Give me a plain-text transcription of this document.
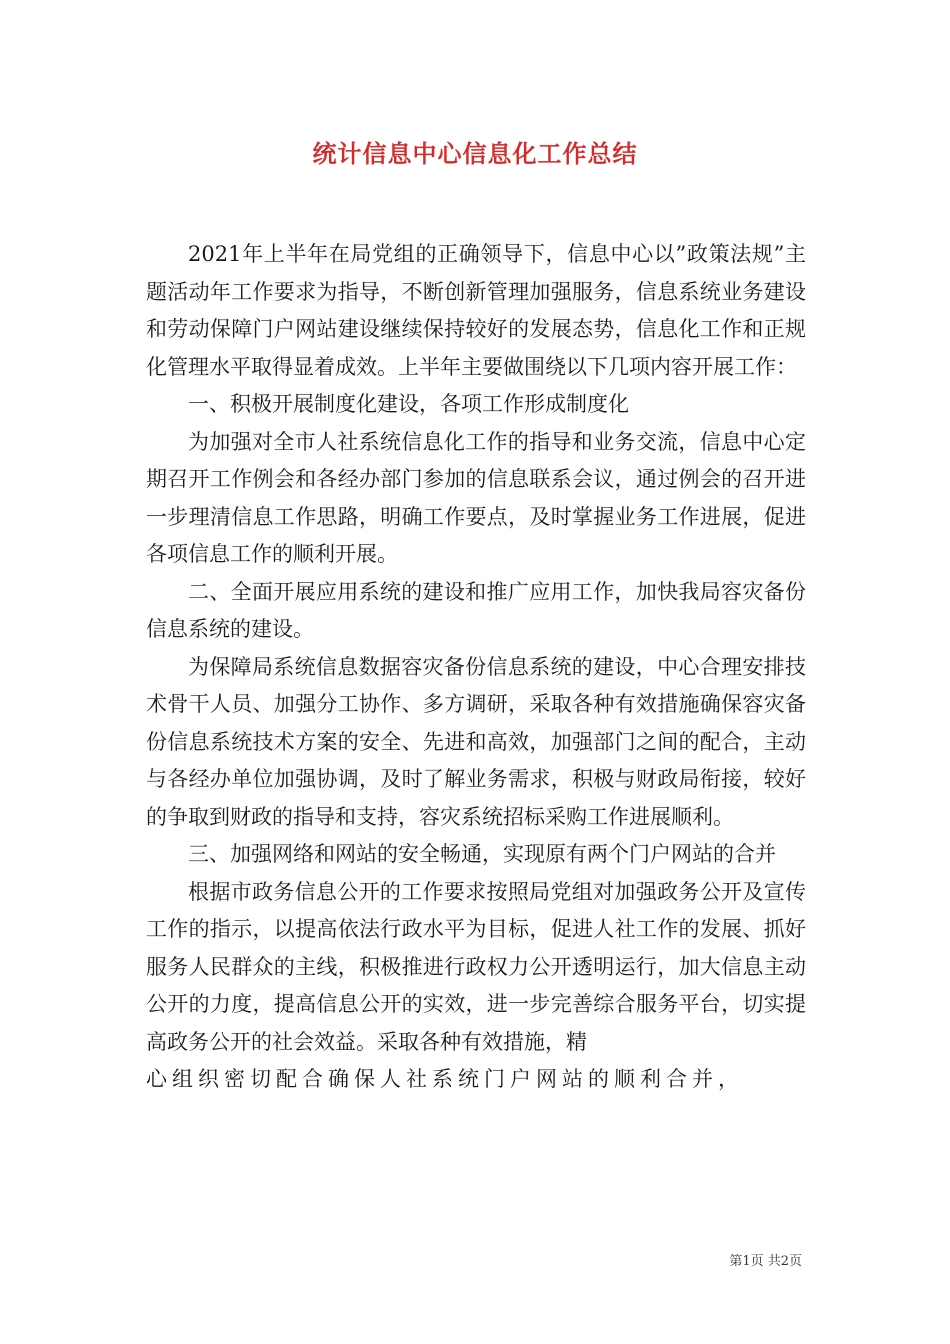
统计信息中心信息化工作总结

2021年上半年在局党组的正确领导下，信息中心以”政策法规”主题活动年工作要求为指导，不断创新管理加强服务，信息系统业务建设和劳动保障门户网站建设继续保持较好的发展态势，信息化工作和正规化管理水平取得显着成效。上半年主要做围绕以下几项内容开展工作：

一、积极开展制度化建设，各项工作形成制度化

为加强对全市人社系统信息化工作的指导和业务交流，信息中心定期召开工作例会和各经办部门参加的信息联系会议，通过例会的召开进一步理清信息工作思路，明确工作要点，及时掌握业务工作进展，促进各项信息工作的顺利开展。

二、全面开展应用系统的建设和推广应用工作，加快我局容灾备份信息系统的建设。

为保障局系统信息数据容灾备份信息系统的建设，中心合理安排技术骨干人员、加强分工协作、多方调研，采取各种有效措施确保容灾备份信息系统技术方案的安全、先进和高效，加强部门之间的配合，主动与各经办单位加强协调，及时了解业务需求，积极与财政局衔接，较好的争取到财政的指导和支持，容灾系统招标采购工作进展顺利。

三、加强网络和网站的安全畅通，实现原有两个门户网站的合并

根据市政务信息公开的工作要求按照局党组对加强政务公开及宣传工作的指示，以提高依法行政水平为目标，促进人社工作的发展、抓好服务人民群众的主线，积极推进行政权力公开透明运行，加大信息主动公开的力度，提高信息公开的实效，进一步完善综合服务平台，切实提高政务公开的社会效益。采取各种有效措施，精

心组织密切配合确保人社系统门户网站的顺利合并，

第1页 共2页
